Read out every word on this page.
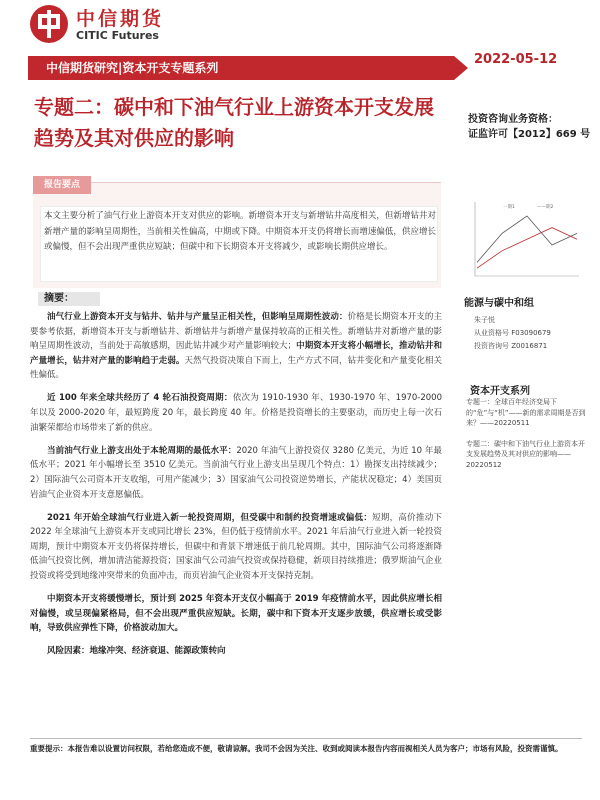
中信期货
CITIC Futures
中信期货研究|资本开支专题系列
2022-05-12
专题二：碳中和下油气行业上游资本开支发展趋势及其对供应的影响
投资咨询业务资格：
证监许可【2012】669 号
报告要点
本文主要分析了油气行业上游资本开支对供应的影响。新增资本开支与新增钻井高度相关，但新增钻井对新增产量的影响呈周期性，当前相关性偏高，中期或下降。中期资本开支仍将增长而增速偏低，供应增长或偏慢，但不会出现严重供应短缺；但碳中和下长期资本开支将减少，或影响长期供应增长。
一期1	——期2
能源与碳中和组
朱子悦
从业资格号 F03090679
投资咨询号 Z0016871
资本开支系列
专题一：全球百年经济变局下的“危”与“机”——新的需求周期是否到来？——20220511
专题二：碳中和下油气行业上游资本开支发展趋势及其对供应的影响——20220512
摘要：

油气行业上游资本开支与钻井、钻井与产量呈正相关性，但影响呈周期性波动：价格是长期资本开支的主要参考依据，新增资本开支与新增钻井、新增钻井与新增产量保持较高的正相关性。新增钻井对新增产量的影响呈周期性波动，当前处于高敏感期，因此钻井减少对产量影响较大；中期资本开支将小幅增长，推动钻井和产量增长，钻井对产量的影响趋于走弱。天然气投资决策自下而上，生产方式不同，钻井变化和产量变化相关性偏低。

近 100 年来全球共经历了 4 轮石油投资周期：依次为 1910-1930 年、1930-1970 年、1970-2000 年以及 2000-2020 年，最短跨度 20 年，最长跨度 40 年。价格是投资增长的主要驱动，而历史上每一次石油繁荣都给市场带来了新的供应。

当前油气行业上游支出处于本轮周期的最低水平：2020 年油气上游投资仅 3280 亿美元，为近 10 年最低水平；2021 年小幅增长至 3510 亿美元。当前油气行业上游支出呈现几个特点：1）勘探支出持续减少；2）国际油气公司资本开支收缩，可用产能减少；3）国家油气公司投资逆势增长，产能状况稳定；4）美国页岩油气企业资本开支意愿偏低。

2021 年开始全球油气行业进入新一轮投资周期，但受碳中和制约投资增速或偏低：短期，高价推动下 2022 年全球油气上游资本开支或同比增长 23%，但仍低于疫情前水平。2021 年后油气行业进入新一轮投资周期，预计中期资本开支仍将保持增长，但碳中和背景下增速低于前几轮周期。其中，国际油气公司将逐渐降低油气投资比例，增加清洁能源投资；国家油气公司油气投资或保持稳健，新项目持续推进；俄罗斯油气企业投资或将受到地缘冲突带来的负面冲击，而页岩油气企业资本开支保持克制。

中期资本开支将缓慢增长，预计到 2025 年资本开支仅小幅高于 2019 年疫情前水平，因此供应增长相对偏慢，或呈现偏紧格局，但不会出现严重供应短缺。长期，碳中和下资本开支逐步放缓，供应增长或受影响，导致供应弹性下降，价格波动加大。

风险因素：地缘冲突、经济衰退、能源政策转向

重要提示：本报告难以设置访问权限，若给您造成不便，敬请谅解。我司不会因为关注、收到或阅读本报告内容而视相关人员为客户；市场有风险，投资需谨慎。
